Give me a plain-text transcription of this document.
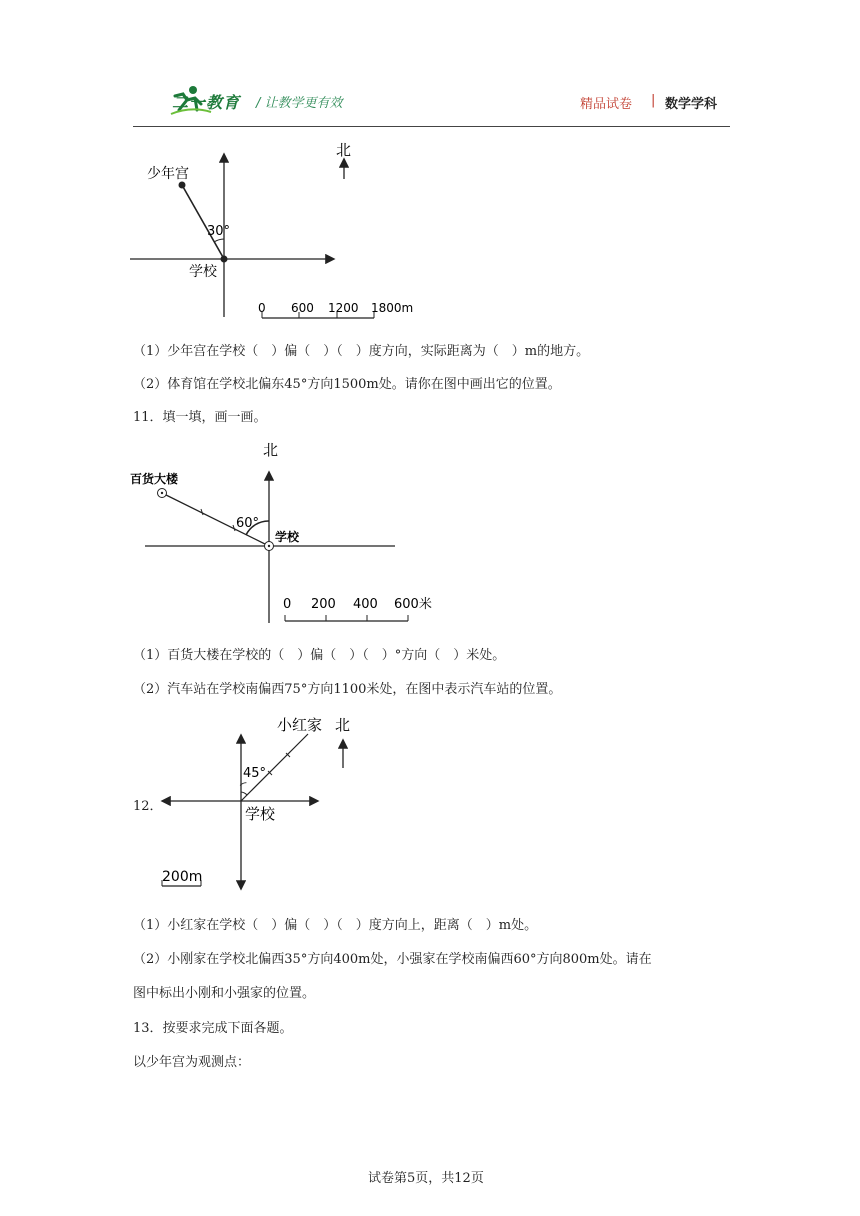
二一教育 / 让教学更有效	精品试卷 | 数学学科
少年宫
30°
学校
北
0 600 1200 1800m
（1）少年宫在学校（　）偏（　）（　）度方向，实际距离为（　）m的地方。
（2）体育馆在学校北偏东45°方向1500m处。请你在图中画出它的位置。
11．填一填，画一画。
百货大楼
60°
学校
北
0 200 400 600米
（1）百货大楼在学校的（　）偏（　）（　）°方向（　）米处。
（2）汽车站在学校南偏西75°方向1100米处，在图中表示汽车站的位置。
12．
小红家 北
45°
学校
200m
（1）小红家在学校（　）偏（　）（　）度方向上，距离（　）m处。
（2）小刚家在学校北偏西35°方向400m处，小强家在学校南偏西60°方向800m处。请在
图中标出小刚和小强家的位置。
13．按要求完成下面各题。
以少年宫为观测点：
试卷第5页，共12页
